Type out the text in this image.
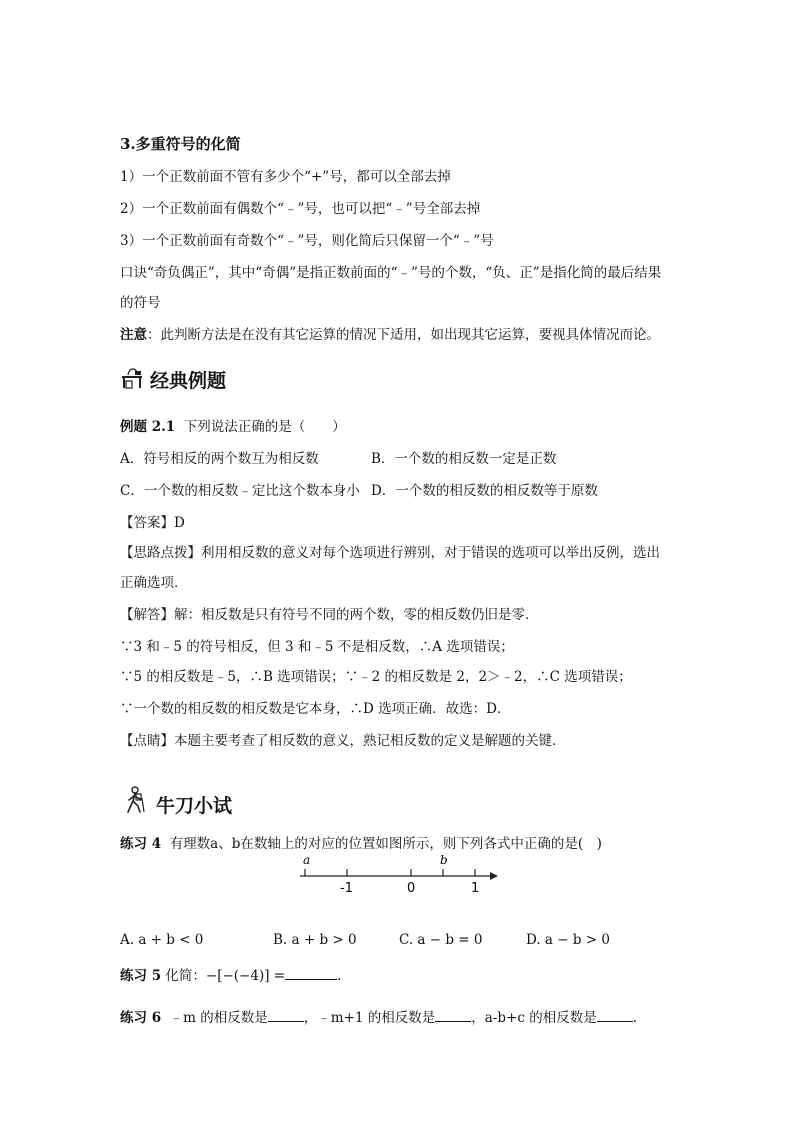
3.多重符号的化简
1）一个正数前面不管有多少个“+”号，都可以全部去掉
2）一个正数前面有偶数个“﹣”号，也可以把“﹣”号全部去掉
3）一个正数前面有奇数个“﹣”号，则化简后只保留一个“﹣”号
口诀“奇负偶正”，其中“奇偶”是指正数前面的“﹣”号的个数，“负、正”是指化简的最后结果
的符号
注意：此判断方法是在没有其它运算的情况下适用，如出现其它运算，要视具体情况而论。
经典例题
例题 2.1 下列说法正确的是（　　）
A．符号相反的两个数互为相反数	B．一个数的相反数一定是正数
C．一个数的相反数﹣定比这个数本身小 D．一个数的相反数的相反数等于原数
【答案】D
【思路点拨】利用相反数的意义对每个选项进行辨别，对于错误的选项可以举出反例，选出
正确选项．
【解答】解：相反数是只有符号不同的两个数，零的相反数仍旧是零．
∵3 和﹣5 的符号相反，但 3 和﹣5 不是相反数，∴A 选项错误；
∵5 的相反数是﹣5，∴B 选项错误；∵﹣2 的相反数是 2，2＞﹣2，∴C 选项错误；
∵一个数的相反数的相反数是它本身，∴D 选项正确．故选：D．
【点睛】本题主要考查了相反数的意义，熟记相反数的定义是解题的关键．
牛刀小试
练习 4 有理数a、b在数轴上的对应的位置如图所示，则下列各式中正确的是(　)
a	b
-1	0	1
A. a + b < 0	B. a + b > 0	C. a − b = 0	D. a − b > 0
练习 5 化简：−[−(−4)] =	.
练习 6 ﹣m 的相反数是	，﹣m+1 的相反数是	，a-b+c 的相反数是	.
